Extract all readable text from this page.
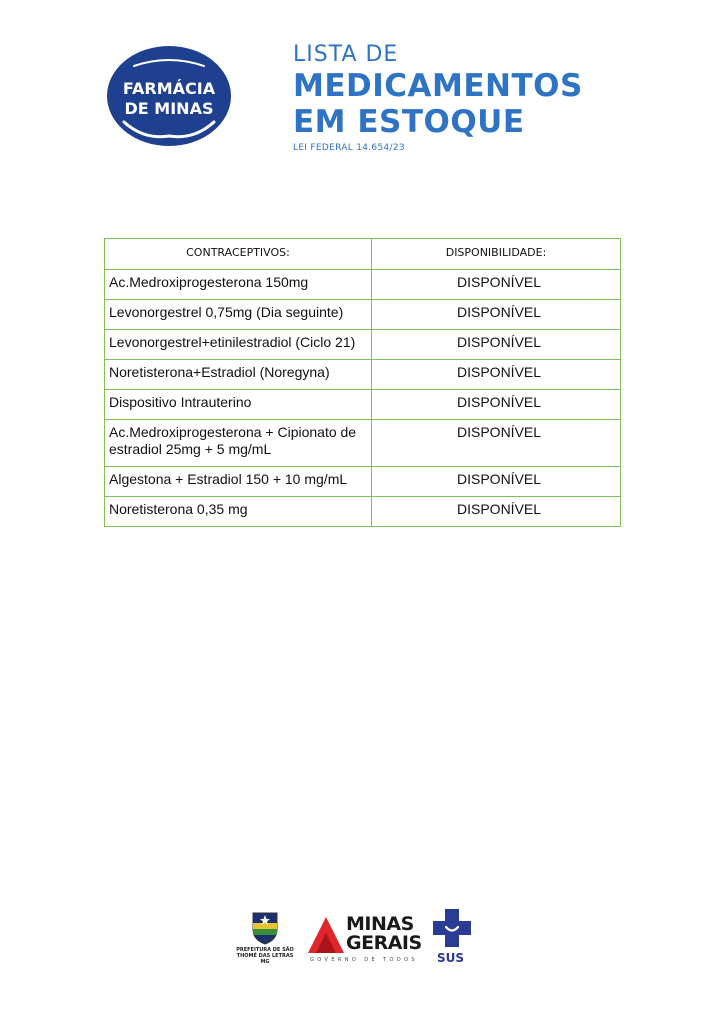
FARMÁCIA
DE MINAS
LISTA DE
MEDICAMENTOS
EM ESTOQUE
LEI FEDERAL 14.654/23
CONTRACEPTIVOS:	DISPONIBILIDADE:
Ac.Medroxiprogesterona 150mg	DISPONÍVEL
Levonorgestrel 0,75mg (Dia seguinte)	DISPONÍVEL
Levonorgestrel+etinilestradiol (Ciclo 21)	DISPONÍVEL
Noretisterona+Estradiol (Noregyna)	DISPONÍVEL
Dispositivo Intrauterino	DISPONÍVEL
Ac.Medroxiprogesterona + Cipionato de estradiol 25mg + 5 mg/mL	DISPONÍVEL
Algestona + Estradiol 150 + 10 mg/mL	DISPONÍVEL
Noretisterona 0,35 mg	DISPONÍVEL
PREFEITURA DE SÃO
THOMÉ DAS LETRAS MG
MINAS
GERAIS
GOVERNO DE TODOS SUS
